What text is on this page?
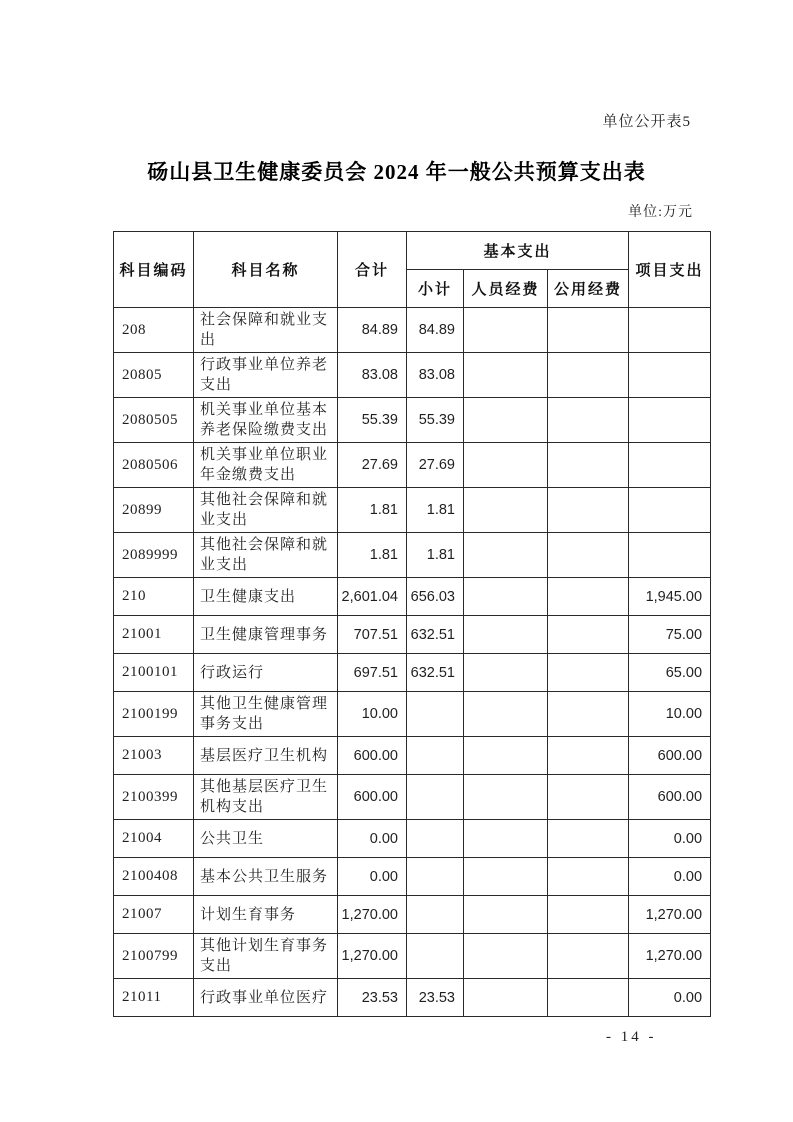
单位公开表5
砀山县卫生健康委员会 2024 年一般公共预算支出表
单位:万元
科目编码	科目名称	合计	基本支出			项目支出
			小计	人员经费	公用经费	
208	社会保障和就业支出	84.89	84.89			
20805	行政事业单位养老支出	83.08	83.08			
2080505	机关事业单位基本养老保险缴费支出	55.39	55.39			
2080506	机关事业单位职业年金缴费支出	27.69	27.69			
20899	其他社会保障和就业支出	1.81	1.81			
2089999	其他社会保障和就业支出	1.81	1.81			
210	卫生健康支出	2,601.04	656.03			1,945.00
21001	卫生健康管理事务	707.51	632.51			75.00
2100101	行政运行	697.51	632.51			65.00
2100199	其他卫生健康管理事务支出	10.00				10.00
21003	基层医疗卫生机构	600.00				600.00
2100399	其他基层医疗卫生机构支出	600.00				600.00
21004	公共卫生	0.00				0.00
2100408	基本公共卫生服务	0.00				0.00
21007	计划生育事务	1,270.00				1,270.00
2100799	其他计划生育事务支出	1,270.00				1,270.00
21011	行政事业单位医疗	23.53	23.53			0.00
- 14 -
